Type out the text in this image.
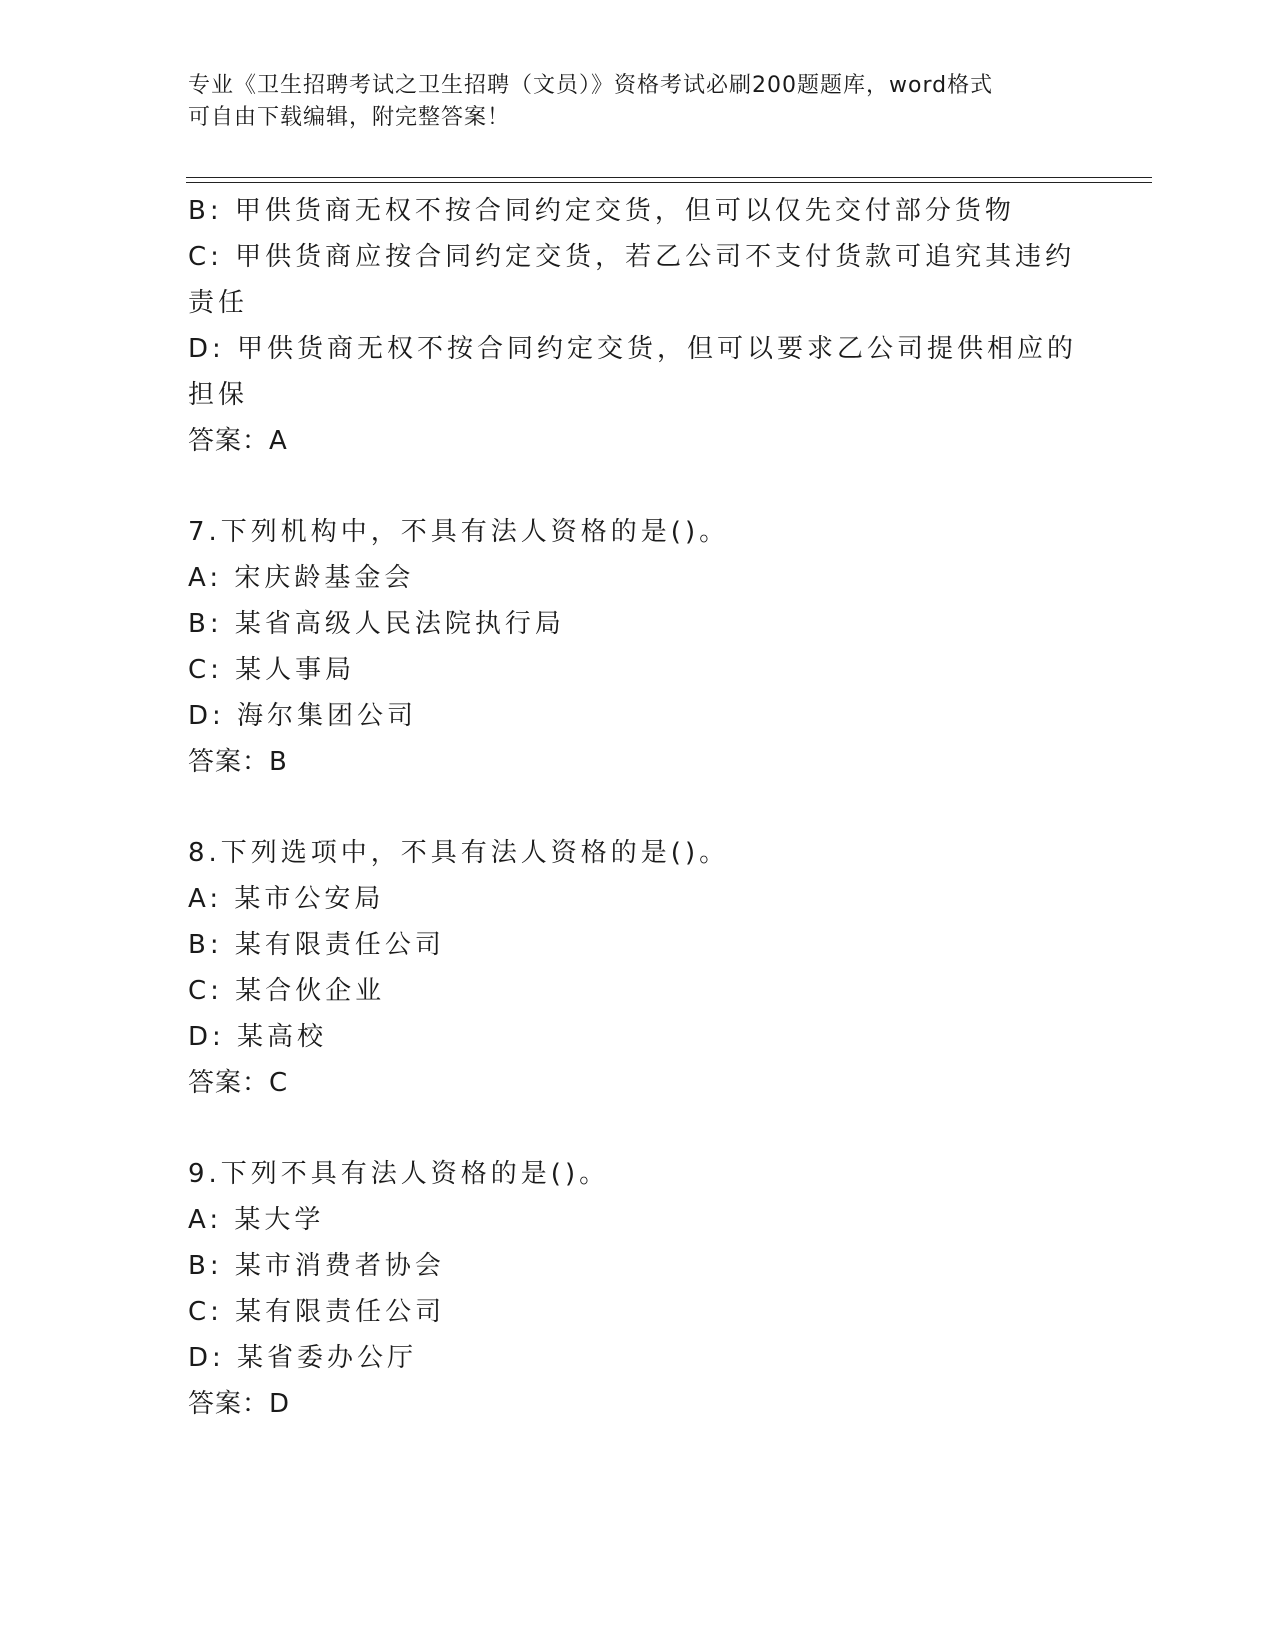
专业《卫生招聘考试之卫生招聘（文员）》资格考试必刷200题题库，word格式
可自由下载编辑，附完整答案！
B: 甲供货商无权不按合同约定交货，但可以仅先交付部分货物
C: 甲供货商应按合同约定交货，若乙公司不支付货款可追究其违约责任
D: 甲供货商无权不按合同约定交货，但可以要求乙公司提供相应的担保
答案：A
7.下列机构中，不具有法人资格的是()。
A: 宋庆龄基金会
B: 某省高级人民法院执行局
C: 某人事局
D: 海尔集团公司
答案：B
8.下列选项中，不具有法人资格的是()。
A: 某市公安局
B: 某有限责任公司
C: 某合伙企业
D: 某高校
答案：C
9.下列不具有法人资格的是()。
A: 某大学
B: 某市消费者协会
C: 某有限责任公司
D: 某省委办公厅
答案：D
